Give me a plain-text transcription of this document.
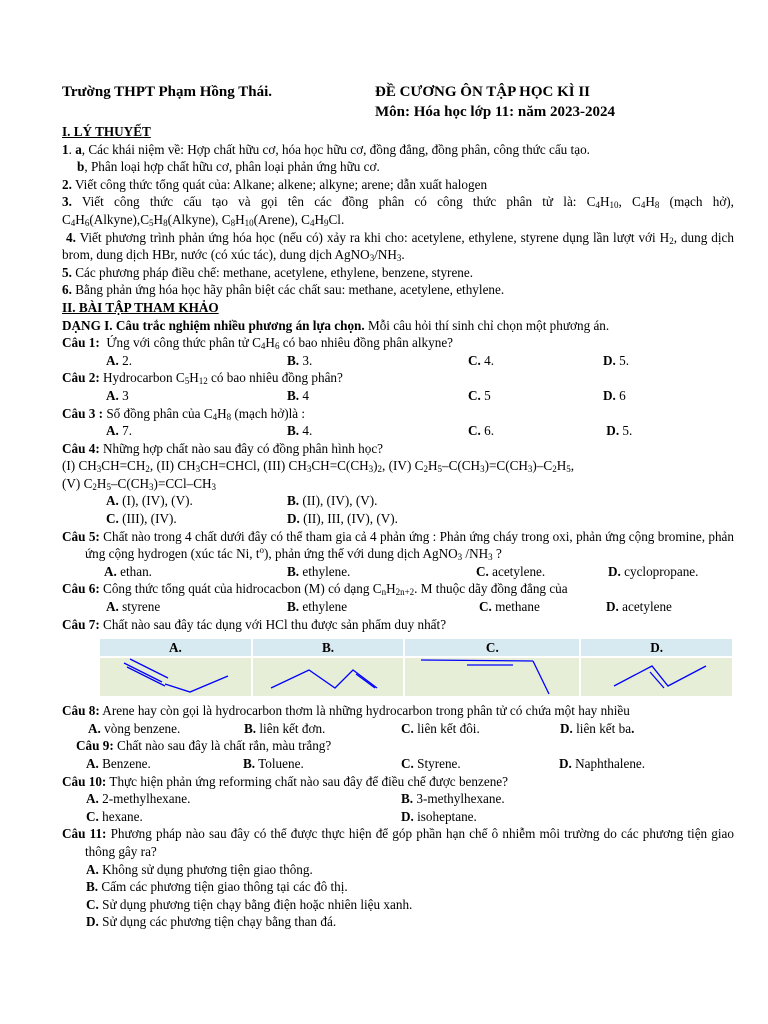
Trường THPT Phạm Hồng Thái.	ĐỀ CƯƠNG ÔN TẬP HỌC KÌ II
Môn: Hóa học lớp 11: năm 2023-2024
I. LÝ THUYẾT
1. a, Các khái niệm về: Hợp chất hữu cơ, hóa học hữu cơ, đồng đẳng, đồng phân, công thức cấu tạo.
b, Phân loại hợp chất hữu cơ, phân loại phản ứng hữu cơ.
2. Viết công thức tổng quát của: Alkane; alkene; alkyne; arene; dẫn xuất halogen
3. Viết công thức cấu tạo và gọi tên các đồng phân có công thức phân tử là: $C_4H_{10}$, $C_4H_8$ (mạch hở), $C_4H_6(Alkyne),C_5H_8(Alkyne)$, $C_8H_{10}(Arene)$, $C_4H_9Cl$.
4. Viết phương trình phản ứng hóa học (nếu có) xảy ra khi cho: acetylene, ethylene, styrene dụng lần lượt với $H_2$, dung dịch brom, dung dịch HBr, nước (có xúc tác), dung dịch $AgNO_3/NH_3$.
5. Các phương pháp điều chế: methane, acetylene, ethylene, benzene, styrene.
6. Bằng phản ứng hóa học hãy phân biệt các chất sau: methane, acetylene, ethylene.
II. BÀI TẬP THAM KHẢO
DẠNG I. Câu trắc nghiệm nhiều phương án lựa chọn. Mỗi câu hỏi thí sinh chỉ chọn một phương án.
Câu 1:  Ứng với công thức phân tử $C_4H_6$ có bao nhiêu đồng phân alkyne?
A. 2.	B. 3.	C. 4.	D. 5.
Câu 2: Hydrocarbon $C_5H_{12}$ có bao nhiêu đồng phân?
A. 3	B. 4	C. 5	D. 6
Câu 3 : Số đồng phân của $C_4H_8$ (mạch hở)là :
A. 7.	B. 4.	C. 6.	D. 5.
Câu 4: Những hợp chất nào sau đây có đồng phân hình học?
(I) $CH_3CH=CH_2$, (II) $CH_3CH=CHCl$, (III) $CH_3CH=C(CH_3)_2$, (IV) $C_2H_5-C(CH_3)=C(CH_3)-C_2H_5$,
(V) $C_2H_5-C(CH_3)=CCl-CH_3$
A. (I), (IV), (V).	B. (II), (IV), (V).
C. (III), (IV).	D. (II), III, (IV), (V).
Câu 5: Chất nào trong 4 chất dưới đây có thể tham gia cả 4 phản ứng : Phản ứng cháy trong oxi, phản ứng cộng bromine, phản ứng cộng hydrogen (xúc tác Ni, $t^o$), phản ứng thế với dung dịch AgNO$_3$ $/NH_3$ ?
A. ethan.	B. ethylene.	C. acetylene.	D. cyclopropane.
Câu 6: Công thức tổng quát của hidrocacbon (M) có dạng $C_nH_{2n+2}$. M thuộc dãy đồng đẳng của
A. styrene	B. ethylene	C. methane	D. acetylene
Câu 7: Chất nào sau đây tác dụng với HCl thu được sản phẩm duy nhất?
A.	B.	C.	D.

Câu 8: Arene hay còn gọi là hydrocarbon thơm là những hydrocarbon trong phân tử có chứa một hay nhiều
A. vòng benzene.	B. liên kết đơn.	C. liên kết đôi.	D. liên kết ba.
Câu 9: Chất nào sau đây là chất rắn, màu trắng?
A. Benzene.	B. Toluene.	C. Styrene.	D. Naphthalene.
Câu 10: Thực hiện phản ứng reforming chất nào sau đây để điều chế được benzene?
A. 2-methylhexane.	B. 3-methylhexane.
C. hexane.	D. isoheptane.
Câu 11: Phương pháp nào sau đây có thể được thực hiện để góp phần hạn chế ô nhiễm môi trường do các phương tiện giao thông gây ra?
A. Không sử dụng phương tiện giao thông.
B. Cấm các phương tiện giao thông tại các đô thị.
C. Sử dụng phương tiện chạy bằng điện hoặc nhiên liệu xanh.
D. Sử dụng các phương tiện chạy bằng than đá.
